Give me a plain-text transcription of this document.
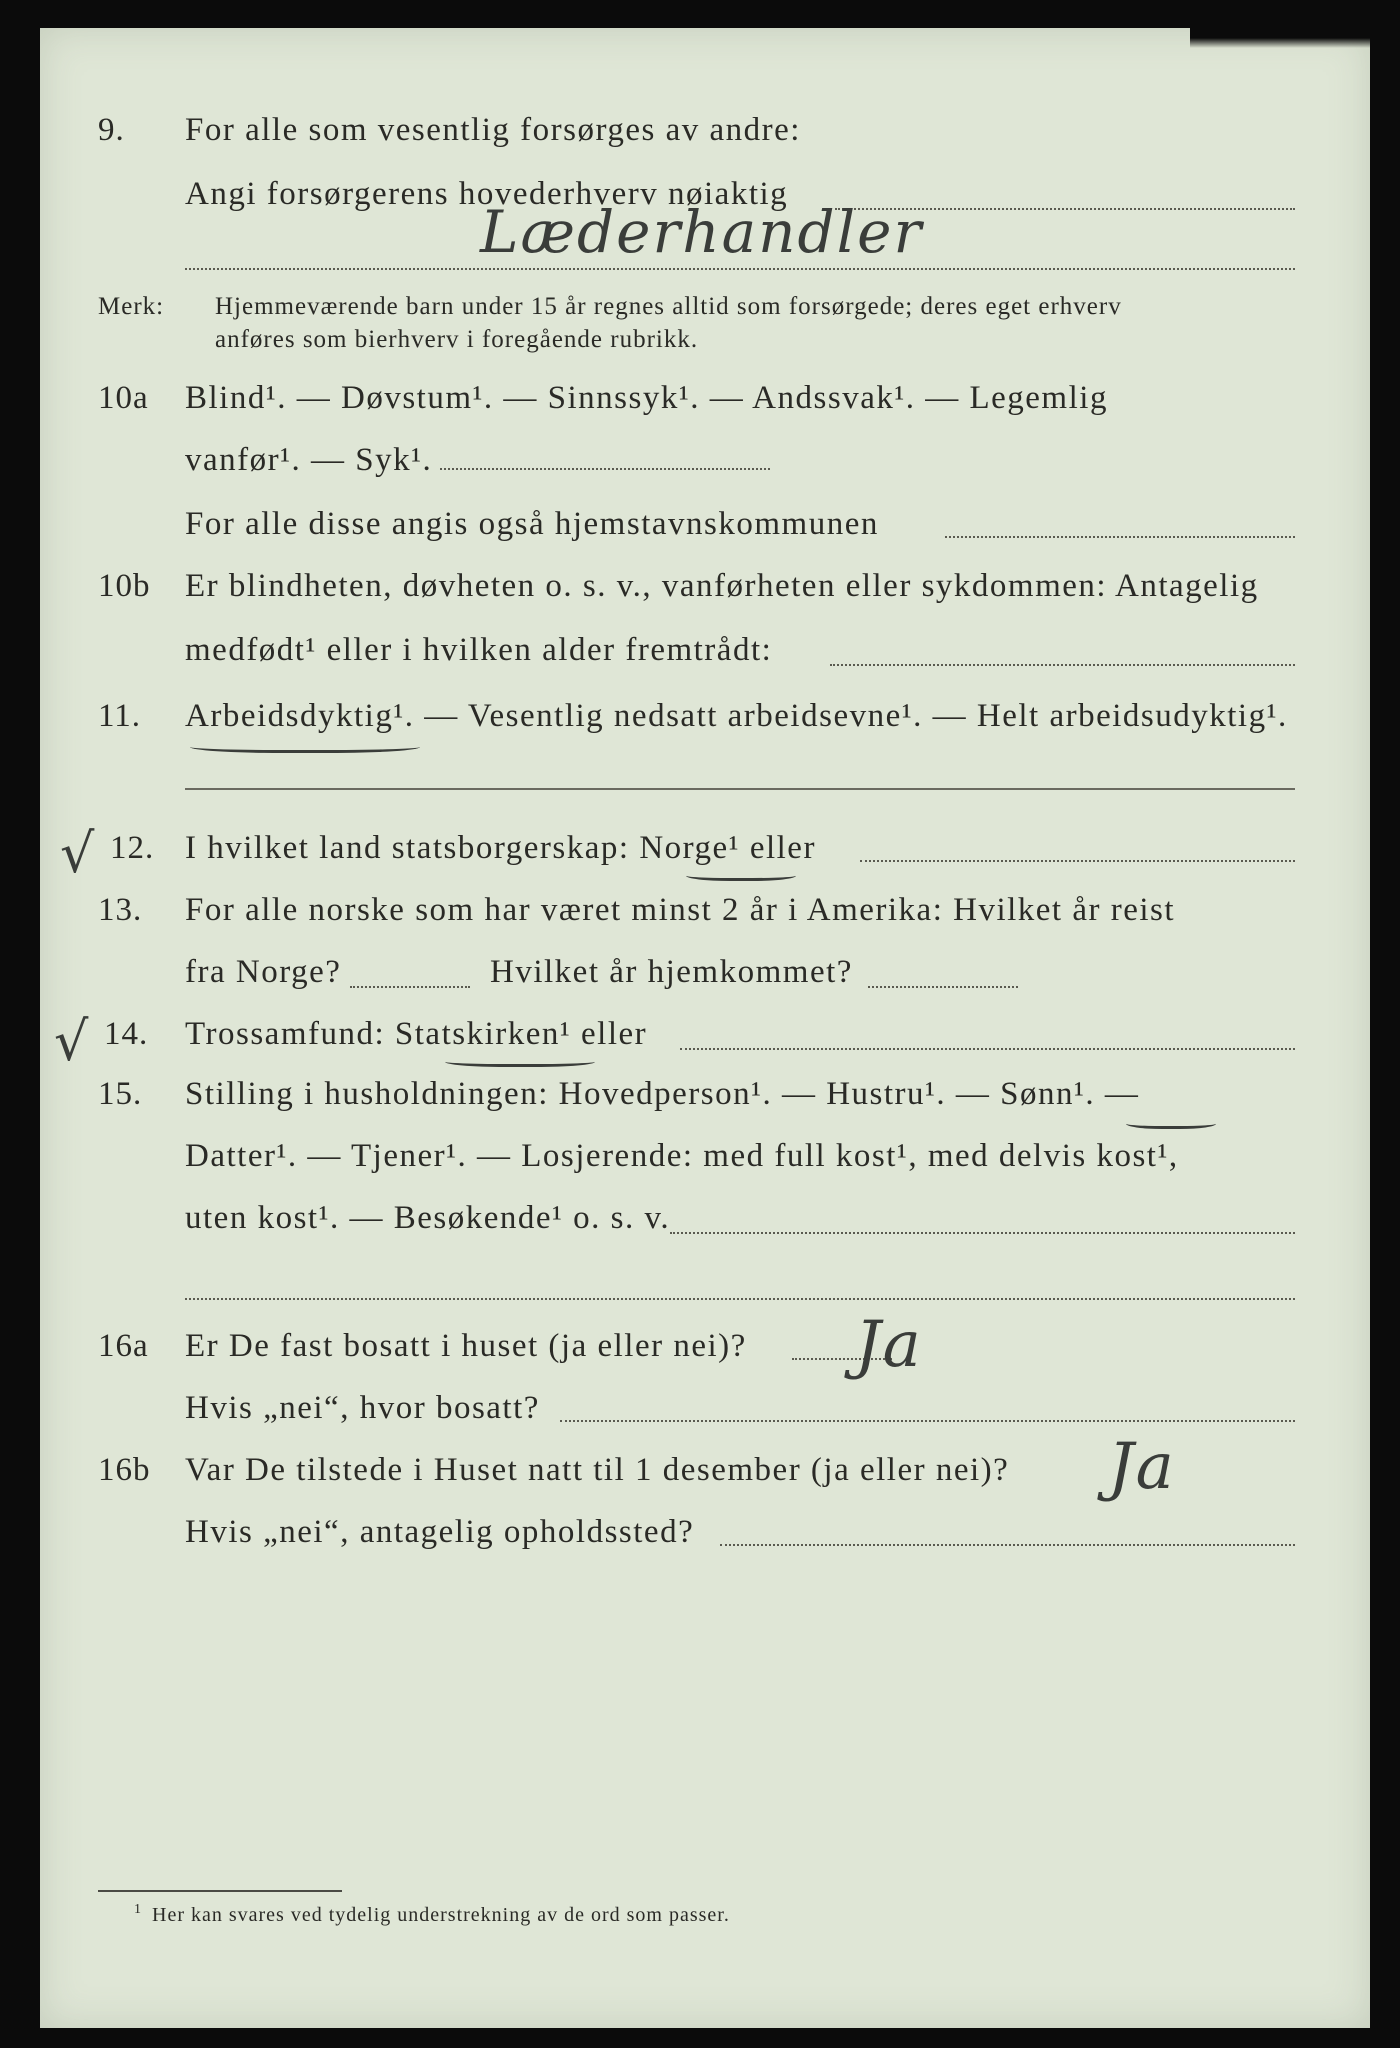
9. For alle som vesentlig forsørges av andre:
Angi forsørgerens hovederhverv nøiaktig
Læderhandler
Merk: Hjemmeværende barn under 15 år regnes alltid som forsørgede; deres eget erhverv
anføres som bierhverv i foregående rubrikk.
10a Blind¹. — Døvstum¹. — Sinnssyk¹. — Andssvak¹. — Legemlig
vanfør¹. — Syk¹.
For alle disse angis også hjemstavnskommunen
10b Er blindheten, døvheten o. s. v., vanførheten eller sykdommen: Antagelig
medfødt¹ eller i hvilken alder fremtrådt:
11. Arbeidsdyktig¹. — Vesentlig nedsatt arbeidsevne¹. — Helt arbeidsudyktig¹.
√ 12. I hvilket land statsborgerskap: Norge¹ eller
13. For alle norske som har været minst 2 år i Amerika: Hvilket år reist
fra Norge?	Hvilket år hjemkommet?
√ 14. Trossamfund: Statskirken¹ eller
15. Stilling i husholdningen: Hovedperson¹. — Hustru¹. — Sønn¹. —
Datter¹. — Tjener¹. — Losjerende: med full kost¹, med delvis kost¹,
uten kost¹. — Besøkende¹ o. s. v.
16a Er De fast bosatt i huset (ja eller nei)? Ja
Hvis „nei“, hvor bosatt?
16b Var De tilstede i Huset natt til 1 desember (ja eller nei)? Ja
Hvis „nei“, antagelig opholdssted?
1 Her kan svares ved tydelig understrekning av de ord som passer.
